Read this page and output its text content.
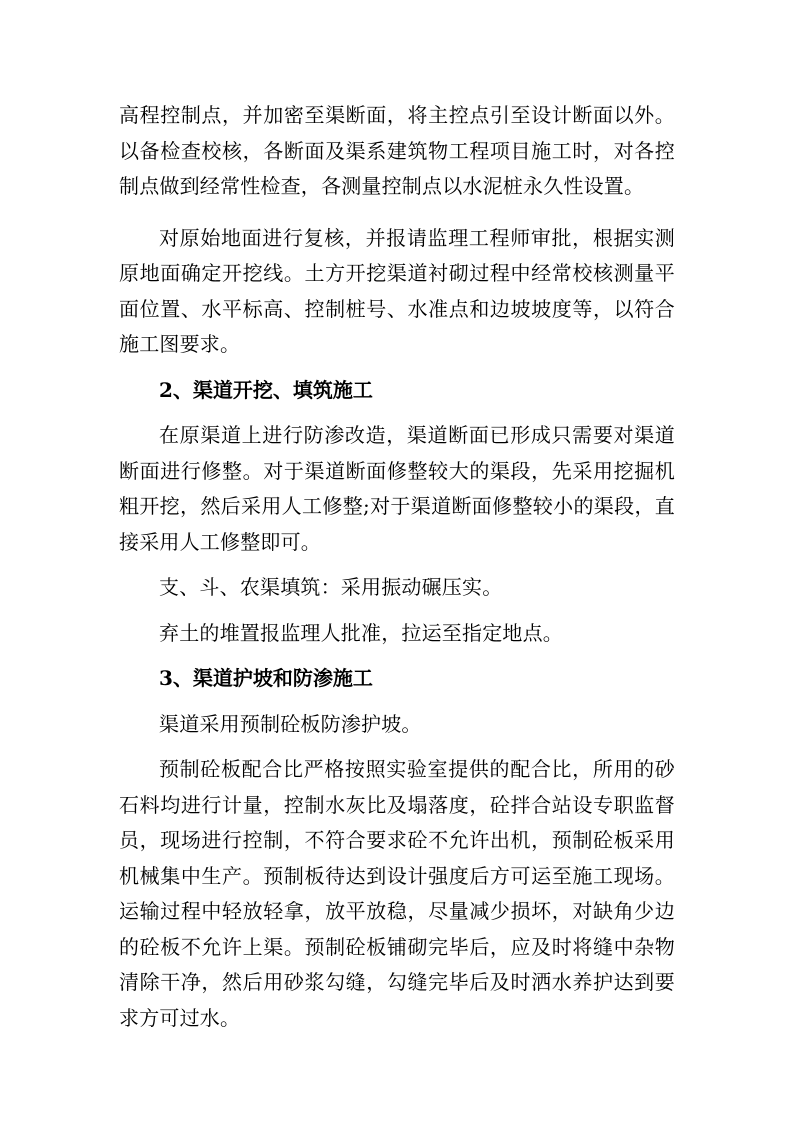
高程控制点，并加密至渠断面，将主控点引至设计断面以外。以备检查校核，各断面及渠系建筑物工程项目施工时，对各控制点做到经常性检查，各测量控制点以水泥桩永久性设置。

对原始地面进行复核，并报请监理工程师审批，根据实测原地面确定开挖线。土方开挖渠道衬砌过程中经常校核测量平面位置、水平标高、控制桩号、水准点和边坡坡度等，以符合施工图要求。

2、渠道开挖、填筑施工

在原渠道上进行防渗改造，渠道断面已形成只需要对渠道断面进行修整。对于渠道断面修整较大的渠段，先采用挖掘机粗开挖，然后采用人工修整;对于渠道断面修整较小的渠段，直接采用人工修整即可。

支、斗、农渠填筑：采用振动碾压实。

弃土的堆置报监理人批准，拉运至指定地点。

3、渠道护坡和防渗施工

渠道采用预制砼板防渗护坡。

预制砼板配合比严格按照实验室提供的配合比，所用的砂石料均进行计量，控制水灰比及塌落度，砼拌合站设专职监督员，现场进行控制，不符合要求砼不允许出机，预制砼板采用机械集中生产。预制板待达到设计强度后方可运至施工现场。运输过程中轻放轻拿，放平放稳，尽量减少损坏，对缺角少边的砼板不允许上渠。预制砼板铺砌完毕后，应及时将缝中杂物清除干净，然后用砂浆勾缝，勾缝完毕后及时洒水养护达到要求方可过水。
